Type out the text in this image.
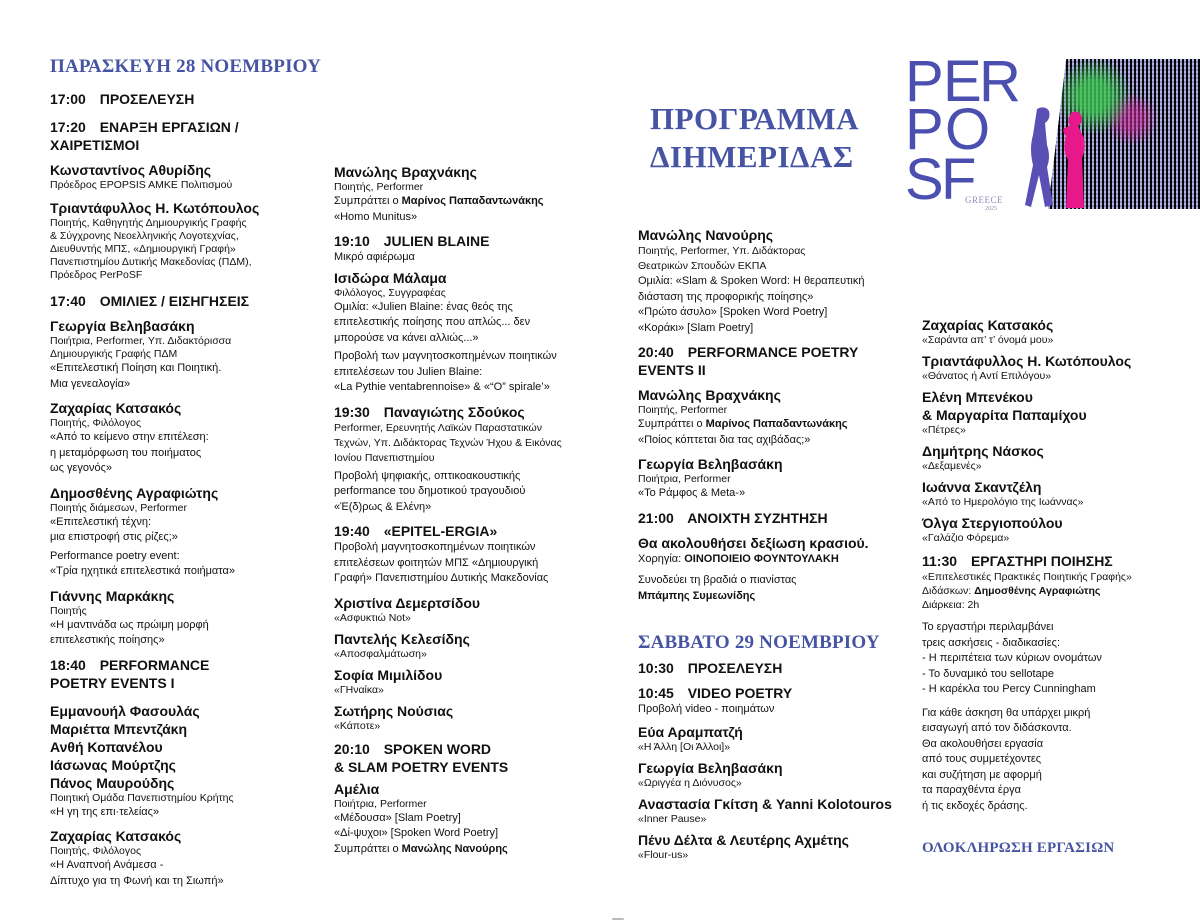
ΠΑΡΑΣΚΕΥΗ 28 ΝΟΕΜΒΡΙΟΥ
17:00 ΠΡΟΣΕΛΕΥΣΗ
17:20 ΕΝΑΡΞΗ ΕΡΓΑΣΙΩΝ /
ΧΑΙΡΕΤΙΣΜΟΙ
Κωνσταντίνος Αθυρίδης
Πρόεδρος EPOPSIS AMKE Πολιτισμού
Τριαντάφυλλος Η. Κωτόπουλος
Ποιητής, Καθηγητής Δημιουργικής Γραφής
& Σύγχρονης Νεοελληνικής Λογοτεχνίας,
Διευθυντής ΜΠΣ, «Δημιουργική Γραφή»
Πανεπιστημίου Δυτικής Μακεδονίας (ΠΔΜ),
Πρόεδρος PerPoSF
17:40 ΟΜΙΛΙΕΣ / ΕΙΣΗΓΗΣΕΙΣ
Γεωργία Βεληβασάκη
Ποιήτρια, Performer, Υπ. Διδακτόρισσα
Δημιουργικής Γραφής ΠΔΜ
«Επιτελεστική Ποίηση και Ποιητική.
Μια γενεαλογία»
Ζαχαρίας Κατσακός
Ποιητής, Φιλόλογος
«Από το κείμενο στην επιτέλεση:
η μεταμόρφωση του ποιήματος
ως γεγονός»
Δημοσθένης Αγραφιώτης
Ποιητής διάμεσων, Performer
«Επιτελεστική τέχνη:
μια επιστροφή στις ρίζες;»
Performance poetry event:
«Τρία ηχητικά επιτελεστικά ποιήματα»
Γιάννης Μαρκάκης
Ποιητής
«Η μαντινάδα ως πρώιμη μορφή
επιτελεστικής ποίησης»
18:40 PERFORMANCE
POETRY EVENTS I
Εμμανουήλ Φασουλάς
Μαριέττα Μπεντζάκη
Ανθή Κοπανέλου
Ιάσωνας Μούρτζης
Πάνος Μαυρούδης
Ποιητική Ομάδα Πανεπιστημίου Κρήτης
«Η γη της επι·τελείας»
Ζαχαρίας Κατσακός
Ποιητής, Φιλόλογος
«Η Αναπνοή Ανάμεσα -
Δίπτυχο για τη Φωνή και τη Σιωπή»
Μανώλης Βραχνάκης
Ποιητής, Performer
Συμπράττει ο Μαρίνος Παπαδαντωνάκης
«Homo Munitus»
19:10 JULIEN BLAINE
Μικρό αφιέρωμα
Ισιδώρα Μάλαμα
Φιλόλογος, Συγγραφέας
Ομιλία: «Julien Blaine: ένας θεός της
επιτελεστικής ποίησης που απλώς... δεν
μπορούσε να κάνει αλλιώς...»
Προβολή των μαγνητοσκοπημένων ποιητικών
επιτελέσεων του Julien Blaine:
«La Pythie ventabrennoise» & «“O” spirale’»
19:30 Παναγιώτης Σδούκος
Performer, Ερευνητής Λαϊκών Παραστατικών
Τεχνών, Υπ. Διδάκτορας Τεχνών Ήχου & Εικόνας
Ιονίου Πανεπιστημίου
Προβολή ψηφιακής, οπτικοακουστικής
performance του δημοτικού τραγουδιού
«Έ(δ)ρως & Ελένη»
19:40 «EPITEL-ERGIA»
Προβολή μαγνητοσκοπημένων ποιητικών
επιτελέσεων φοιτητών ΜΠΣ «Δημιουργική
Γραφή» Πανεπιστημίου Δυτικής Μακεδονίας
Χριστίνα Δεμερτσίδου
«Ασφυκτιώ Not»
Παντελής Κελεσίδης
«Αποσφαλμάτωση»
Σοφία Μιμιλίδου
«ΓΗναίκα»
Σωτήρης Νούσιας
«Κάποτε»
20:10 SPOKEN WORD
& SLAM POETRY EVENTS
Αμέλια
Ποιήτρια, Performer
«Μέδουσα» [Slam Poetry]
«Δί-ψυχοι» [Spoken Word Poetry]
Συμπράττει ο Μανώλης Νανούρης
ΠΡΟΓΡΑΜΜΑ
ΔΙΗΜΕΡΙΔΑΣ
P E R
P O
S F
GREECE
2025
Μανώλης Νανούρης
Ποιητής, Performer, Υπ. Διδάκτορας
Θεατρικών Σπουδών ΕΚΠΑ
Ομιλία: «Slam & Spoken Word: Η θεραπευτική
διάσταση της προφορικής ποίησης»
«Πρώτο άσυλο» [Spoken Word Poetry]
«Κοράκι» [Slam Poetry]
20:40 PERFORMANCE POETRY
EVENTS II
Μανώλης Βραχνάκης
Ποιητής, Performer
Συμπράττει ο Μαρίνος Παπαδαντωνάκης
«Ποίος κόπτεται δια τας αχιβάδας;»
Γεωργία Βεληβασάκη
Ποιήτρια, Performer
«Το Ράμφος & Meta-»
21:00 ΑΝΟΙΧΤΗ ΣΥΖΗΤΗΣΗ
Θα ακολουθήσει δεξίωση κρασιού.
Χορηγία: ΟΙΝΟΠΟΙΕΙΟ ΦΟΥΝΤΟΥΛΑΚΗ
Συνοδεύει τη βραδιά ο πιανίστας
Μπάμπης Συμεωνίδης
ΣΑΒΒΑΤΟ 29 ΝΟΕΜΒΡΙΟΥ
10:30 ΠΡΟΣΕΛΕΥΣΗ
10:45 VIDEO POETRY
Προβολή video - ποιημάτων
Εύα Αραμπατζή
«Η Άλλη [Οι Άλλοι]»
Γεωργία Βεληβασάκη
«Ωριγγέα η Διόνυσος»
Αναστασία Γκίτση & Yanni Kolotouros
«Inner Pause»
Πένυ Δέλτα & Λευτέρης Αχμέτης
«Flour-us»
Ζαχαρίας Κατσακός
«Σαράντα απ’ τ’ όνομά μου»
Τριαντάφυλλος Η. Κωτόπουλος
«Θάνατος ή Αντί Επιλόγου»
Ελένη Μπενέκου
& Μαργαρίτα Παπαμίχου
«Πέτρες»
Δημήτρης Νάσκος
«Δεξαμενές»
Ιωάννα Σκαντζέλη
«Από το Ημερολόγιο της Ιωάννας»
Όλγα Στεργιοπούλου
«Γαλάζιο Φόρεμα»
11:30 ΕΡΓΑΣΤΗΡΙ ΠΟΙΗΣΗΣ
«Επιτελεστικές Πρακτικές Ποιητικής Γραφής»
Διδάσκων: Δημοσθένης Αγραφιώτης
Διάρκεια: 2h
Το εργαστήρι περιλαμβάνει
τρεις ασκήσεις - διαδικασίες:
- Η περιπέτεια των κύριων ονομάτων
- Το δυναμικό του sellotape
- Η καρέκλα του Percy Cunningham
Για κάθε άσκηση θα υπάρχει μικρή
εισαγωγή από τον διδάσκοντα.
Θα ακολουθήσει εργασία
από τους συμμετέχοντες
και συζήτηση με αφορμή
τα παραχθέντα έργα
ή τις εκδοχές δράσης.
ΟΛΟΚΛΗΡΩΣΗ ΕΡΓΑΣΙΩΝ
